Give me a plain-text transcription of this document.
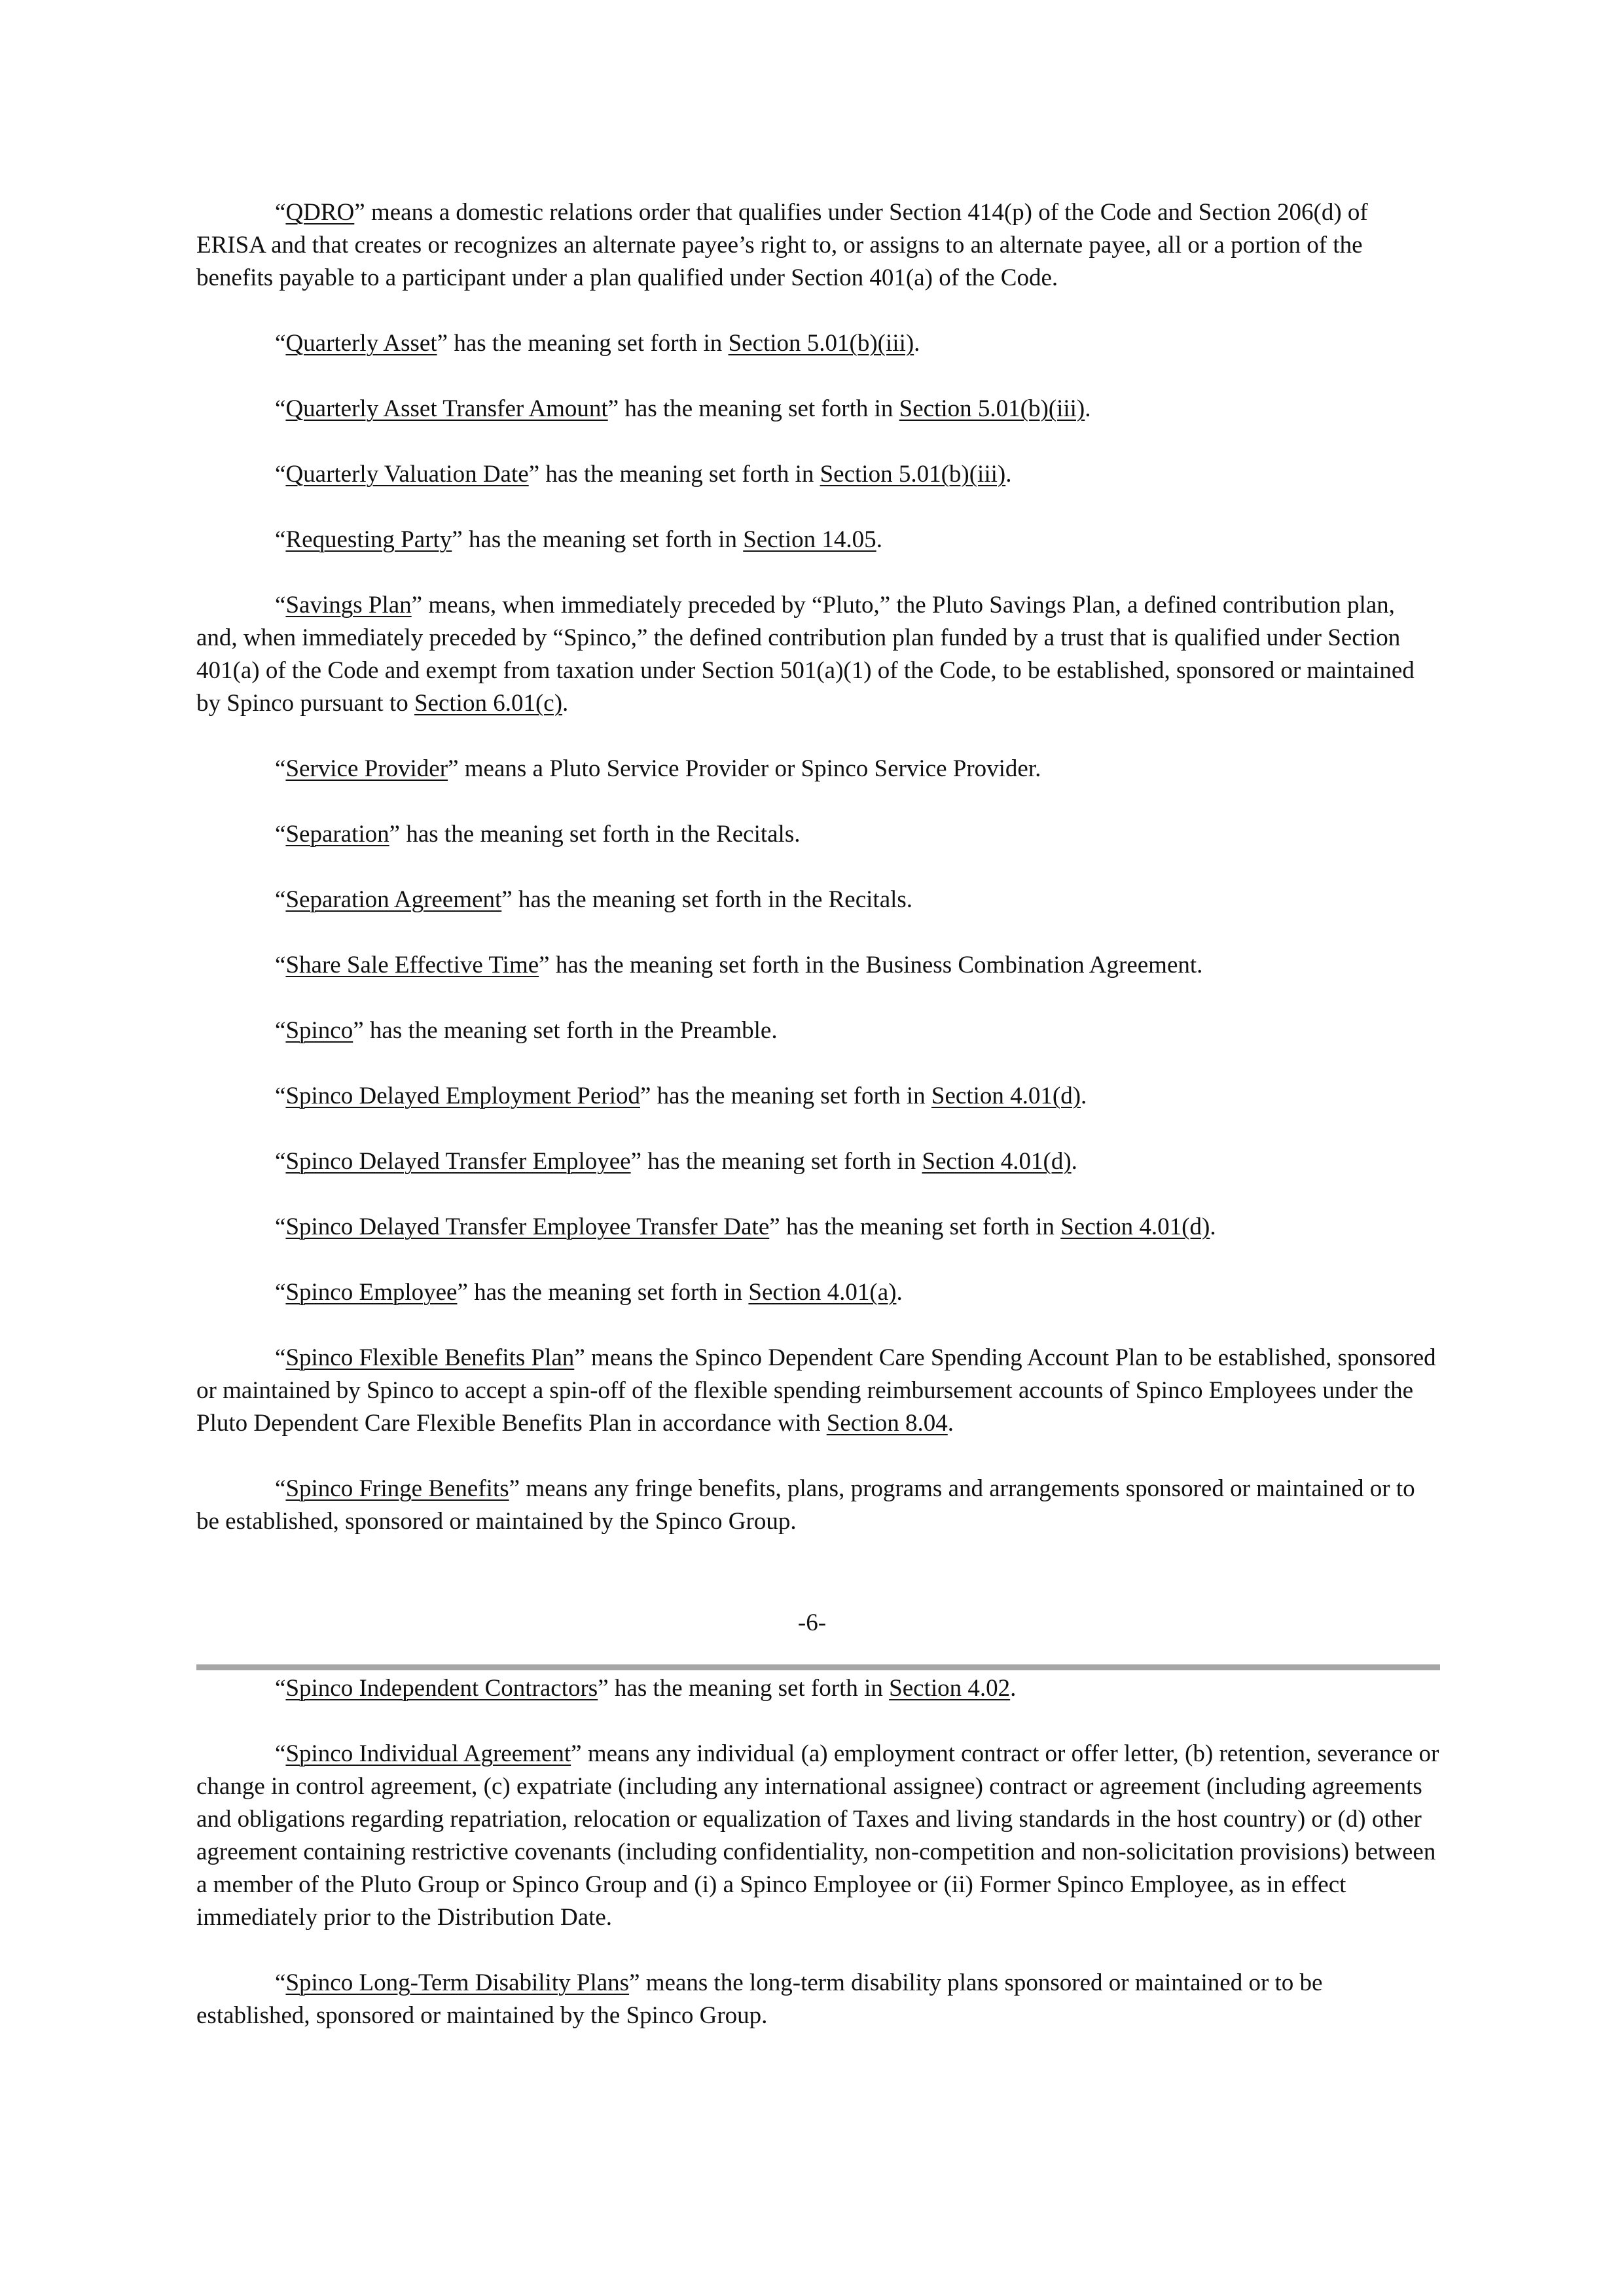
“QDRO” means a domestic relations order that qualifies under Section 414(p) of the Code and Section 206(d) of ERISA and that creates or recognizes an alternate payee’s right to, or assigns to an alternate payee, all or a portion of the benefits payable to a participant under a plan qualified under Section 401(a) of the Code.

“Quarterly Asset” has the meaning set forth in Section 5.01(b)(iii).

“Quarterly Asset Transfer Amount” has the meaning set forth in Section 5.01(b)(iii).

“Quarterly Valuation Date” has the meaning set forth in Section 5.01(b)(iii).

“Requesting Party” has the meaning set forth in Section 14.05.

“Savings Plan” means, when immediately preceded by “Pluto,” the Pluto Savings Plan, a defined contribution plan, and, when immediately preceded by “Spinco,” the defined contribution plan funded by a trust that is qualified under Section 401(a) of the Code and exempt from taxation under Section 501(a)(1) of the Code, to be established, sponsored or maintained by Spinco pursuant to Section 6.01(c).

“Service Provider” means a Pluto Service Provider or Spinco Service Provider.

“Separation” has the meaning set forth in the Recitals.

“Separation Agreement” has the meaning set forth in the Recitals.

“Share Sale Effective Time” has the meaning set forth in the Business Combination Agreement.

“Spinco” has the meaning set forth in the Preamble.

“Spinco Delayed Employment Period” has the meaning set forth in Section 4.01(d).

“Spinco Delayed Transfer Employee” has the meaning set forth in Section 4.01(d).

“Spinco Delayed Transfer Employee Transfer Date” has the meaning set forth in Section 4.01(d).

“Spinco Employee” has the meaning set forth in Section 4.01(a).

“Spinco Flexible Benefits Plan” means the Spinco Dependent Care Spending Account Plan to be established, sponsored or maintained by Spinco to accept a spin-off of the flexible spending reimbursement accounts of Spinco Employees under the Pluto Dependent Care Flexible Benefits Plan in accordance with Section 8.04.

“Spinco Fringe Benefits” means any fringe benefits, plans, programs and arrangements sponsored or maintained or to be established, sponsored or maintained by the Spinco Group.

-6-

“Spinco Independent Contractors” has the meaning set forth in Section 4.02.

“Spinco Individual Agreement” means any individual (a) employment contract or offer letter, (b) retention, severance or change in control agreement, (c) expatriate (including any international assignee) contract or agreement (including agreements and obligations regarding repatriation, relocation or equalization of Taxes and living standards in the host country) or (d) other agreement containing restrictive covenants (including confidentiality, non-competition and non-solicitation provisions) between a member of the Pluto Group or Spinco Group and (i) a Spinco Employee or (ii) Former Spinco Employee, as in effect immediately prior to the Distribution Date.

“Spinco Long-Term Disability Plans” means the long-term disability plans sponsored or maintained or to be established, sponsored or maintained by the Spinco Group.
